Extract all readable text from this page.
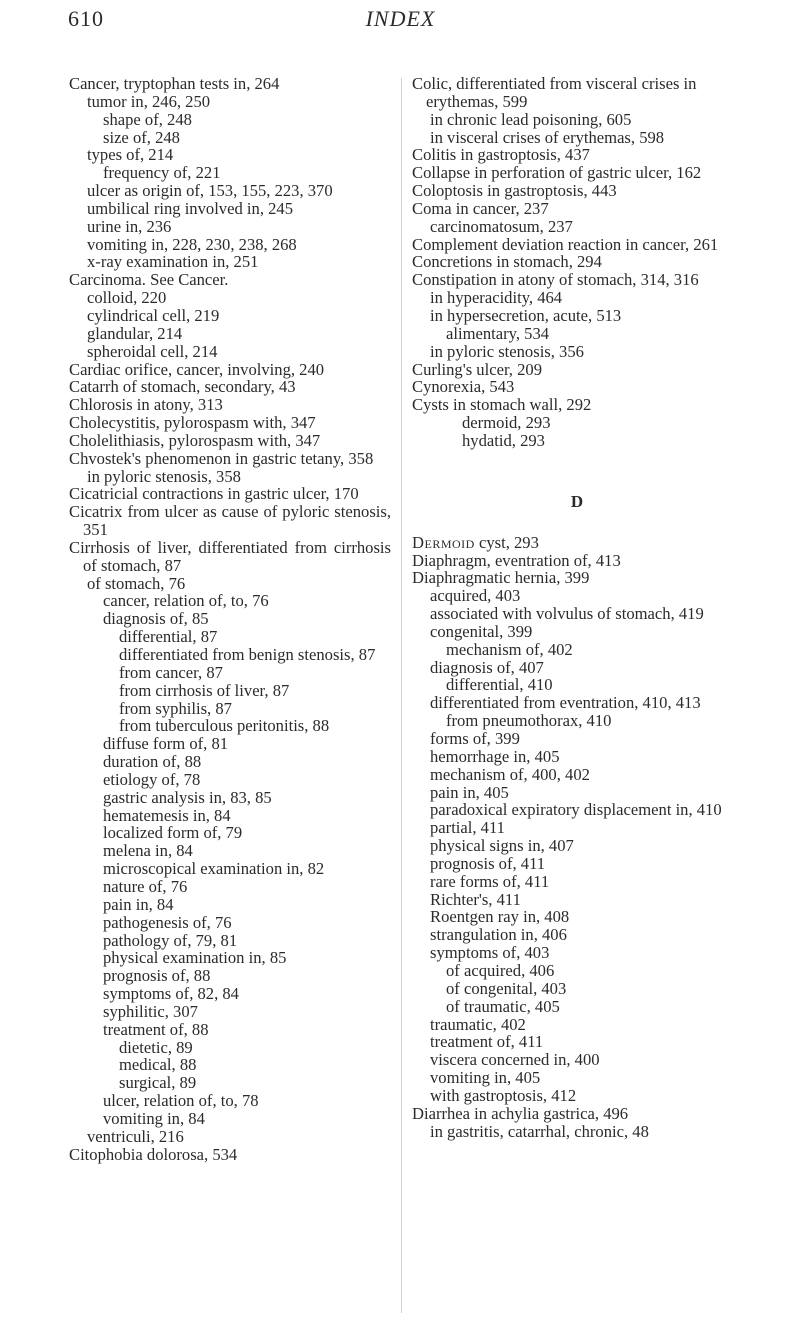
610	INDEX

Cancer, tryptophan tests in, 264

tumor in, 246, 250

shape of, 248

size of, 248

types of, 214

frequency of, 221

ulcer as origin of, 153, 155, 223, 370

umbilical ring involved in, 245

urine in, 236

vomiting in, 228, 230, 238, 268

x-ray examination in, 251

Carcinoma. See Cancer.

colloid, 220

cylindrical cell, 219

glandular, 214

spheroidal cell, 214

Cardiac orifice, cancer, involving, 240

Catarrh of stomach, secondary, 43

Chlorosis in atony, 313

Cholecystitis, pylorospasm with, 347

Cholelithiasis, pylorospasm with, 347

Chvostek's phenomenon in gastric tetany, 358

in pyloric stenosis, 358

Cicatricial contractions in gastric ulcer, 170

Cicatrix from ulcer as cause of pyloric stenosis, 351

Cirrhosis of liver, differentiated from cirrhosis of stomach, 87

of stomach, 76

cancer, relation of, to, 76

diagnosis of, 85

differential, 87

differentiated from benign stenosis, 87

from cancer, 87

from cirrhosis of liver, 87

from syphilis, 87

from tuberculous peritonitis, 88

diffuse form of, 81

duration of, 88

etiology of, 78

gastric analysis in, 83, 85

hematemesis in, 84

localized form of, 79

melena in, 84

microscopical examination in, 82

nature of, 76

pain in, 84

pathogenesis of, 76

pathology of, 79, 81

physical examination in, 85

prognosis of, 88

symptoms of, 82, 84

syphilitic, 307

treatment of, 88

dietetic, 89

medical, 88

surgical, 89

ulcer, relation of, to, 78

vomiting in, 84

ventriculi, 216

Citophobia dolorosa, 534

Colic, differentiated from visceral crises in erythemas, 599

in chronic lead poisoning, 605

in visceral crises of erythemas, 598

Colitis in gastroptosis, 437

Collapse in perforation of gastric ulcer, 162

Coloptosis in gastroptosis, 443

Coma in cancer, 237

carcinomatosum, 237

Complement deviation reaction in cancer, 261

Concretions in stomach, 294

Constipation in atony of stomach, 314, 316

in hyperacidity, 464

in hypersecretion, acute, 513

alimentary, 534

in pyloric stenosis, 356

Curling's ulcer, 209

Cynorexia, 543

Cysts in stomach wall, 292

dermoid, 293

hydatid, 293

D

Dermoid cyst, 293

Diaphragm, eventration of, 413

Diaphragmatic hernia, 399

acquired, 403

associated with volvulus of stomach, 419

congenital, 399

mechanism of, 402

diagnosis of, 407

differential, 410

differentiated from eventration, 410, 413

from pneumothorax, 410

forms of, 399

hemorrhage in, 405

mechanism of, 400, 402

pain in, 405

paradoxical expiratory displacement in, 410

partial, 411

physical signs in, 407

prognosis of, 411

rare forms of, 411

Richter's, 411

Roentgen ray in, 408

strangulation in, 406

symptoms of, 403

of acquired, 406

of congenital, 403

of traumatic, 405

traumatic, 402

treatment of, 411

viscera concerned in, 400

vomiting in, 405

with gastroptosis, 412

Diarrhea in achylia gastrica, 496

in gastritis, catarrhal, chronic, 48
